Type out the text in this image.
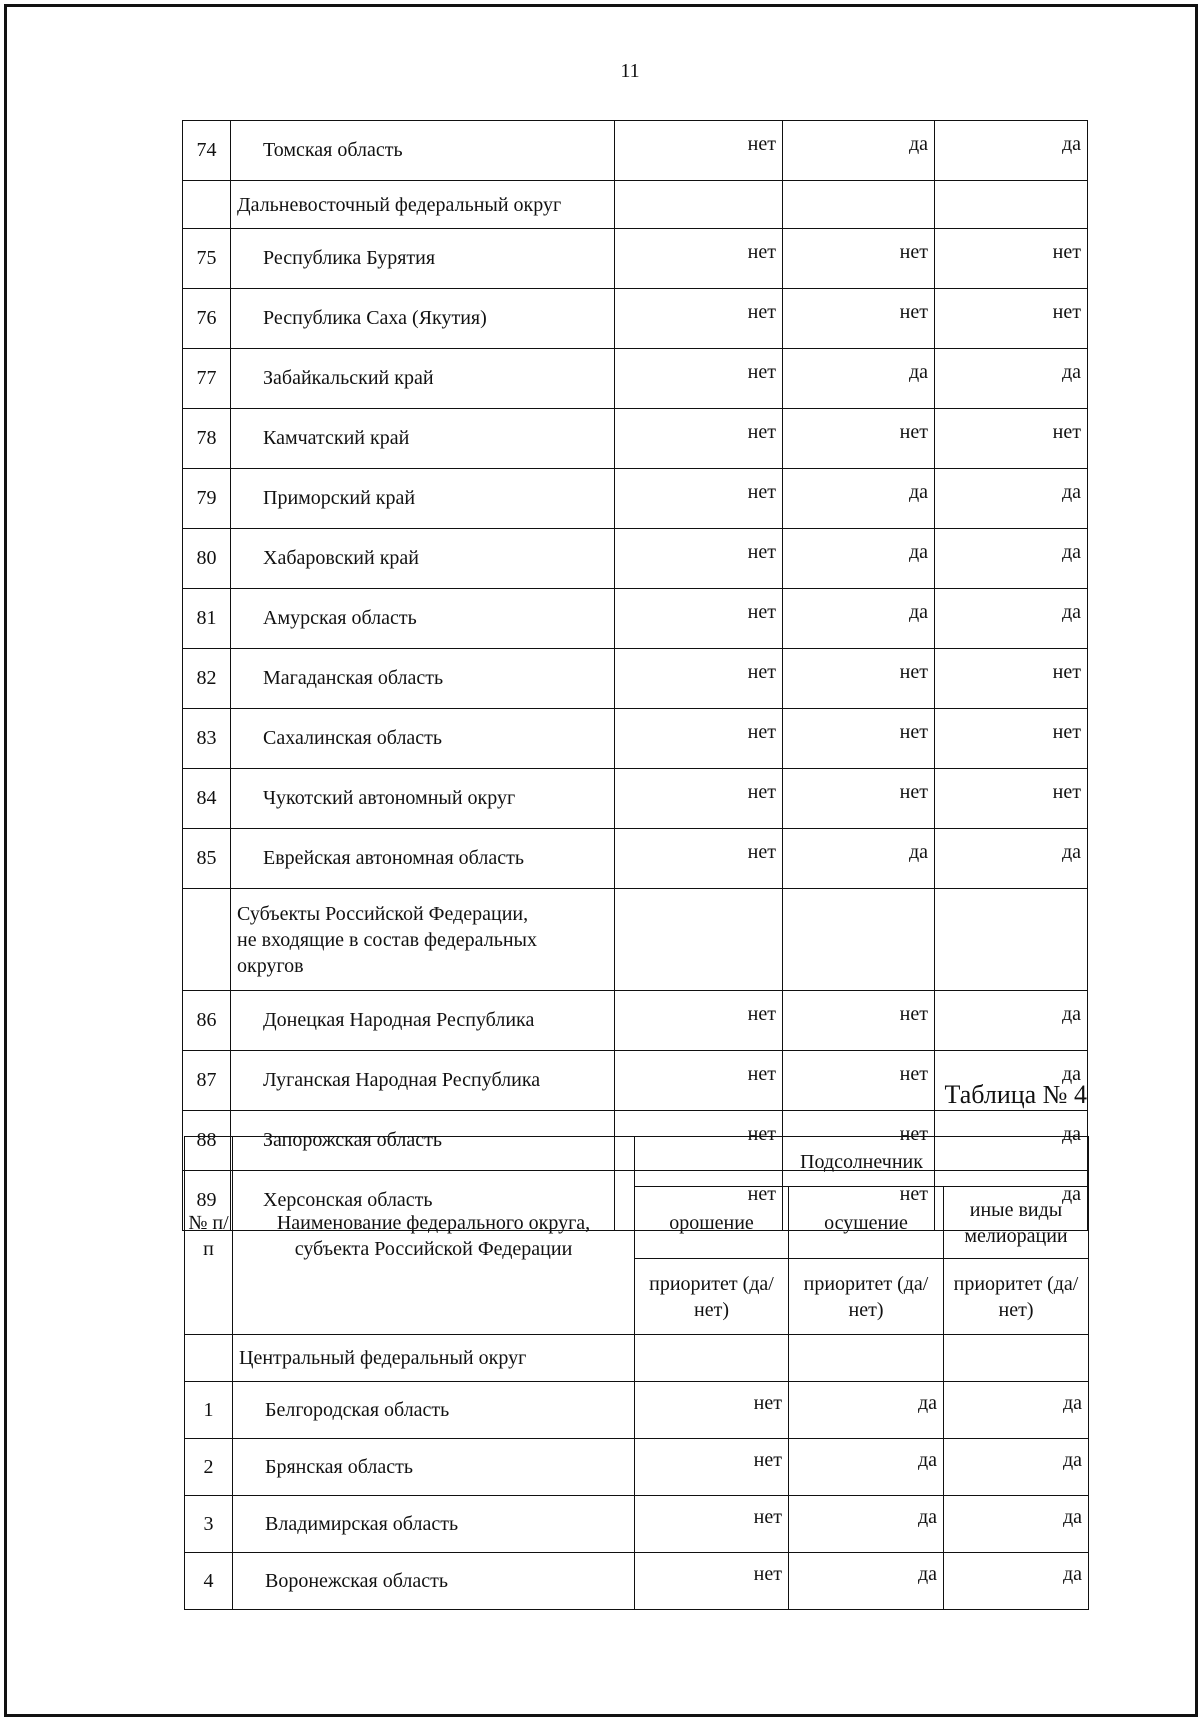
11
74	Томская область	нет	да	да
	Дальневосточный федеральный округ			
75	Республика Бурятия	нет	нет	нет
76	Республика Саха (Якутия)	нет	нет	нет
77	Забайкальский край	нет	да	да
78	Камчатский край	нет	нет	нет
79	Приморский край	нет	да	да
80	Хабаровский край	нет	да	да
81	Амурская область	нет	да	да
82	Магаданская область	нет	нет	нет
83	Сахалинская область	нет	нет	нет
84	Чукотский автономный округ	нет	нет	нет
85	Еврейская автономная область	нет	да	да
	Субъекты Российской Федерации,
не входящие в состав федеральных
округов			
86	Донецкая Народная Республика	нет	нет	да
87	Луганская Народная Республика	нет	нет	да
88	Запорожская область	нет	нет	да
89	Херсонская область	нет	нет	да
Таблица № 4
№ п/п	Наименование федерального округа, субъекта Российской Федерации	Подсолнечник		
		орошение	осушение	иные виды мелиорации
		приоритет (да/нет)	приоритет (да/нет)	приоритет (да/нет)
	Центральный федеральный округ			
1	Белгородская область	нет	да	да
2	Брянская область	нет	да	да
3	Владимирская область	нет	да	да
4	Воронежская область	нет	да	да
